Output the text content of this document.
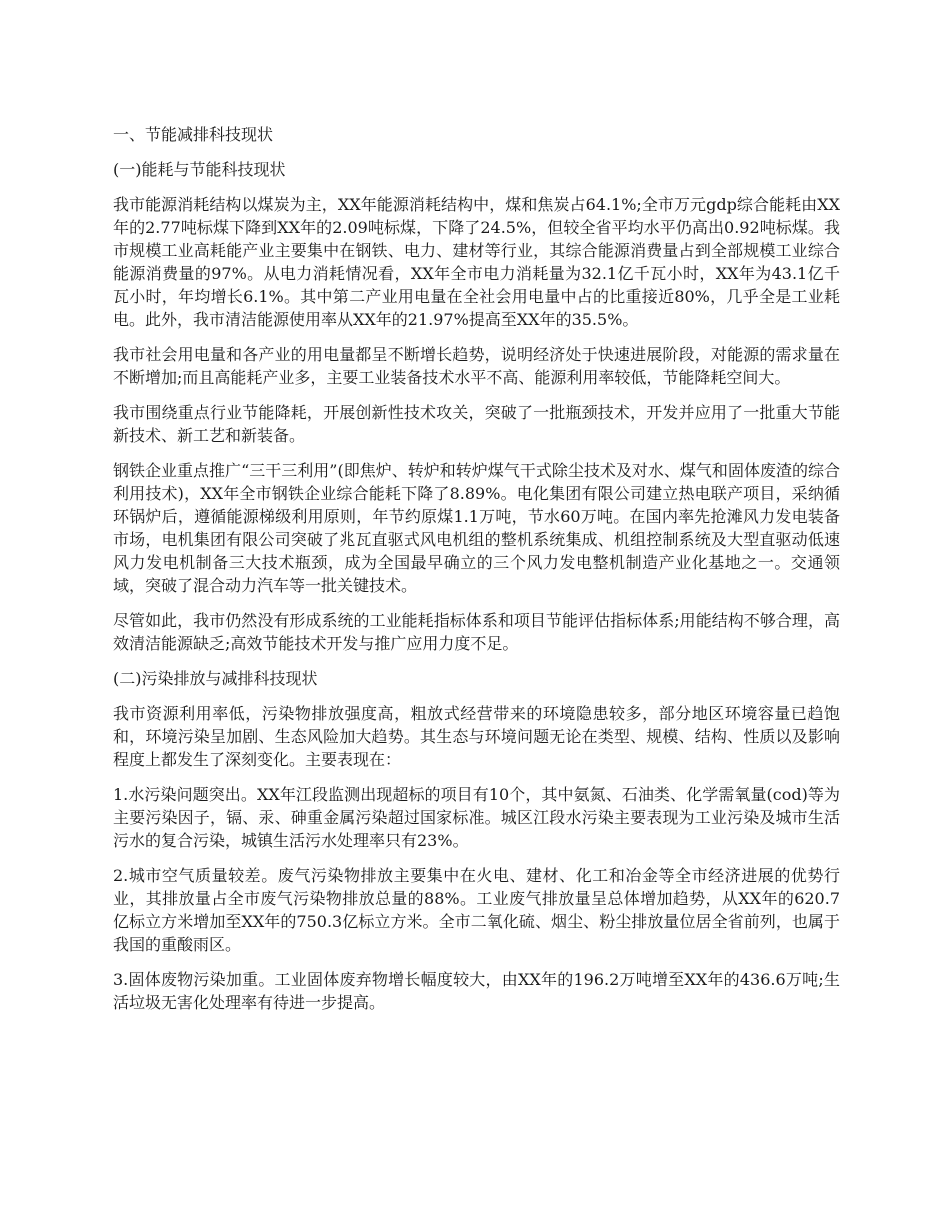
一、节能减排科技现状
(一)能耗与节能科技现状

我市能源消耗结构以煤炭为主，XX年能源消耗结构中，煤和焦炭占64.1%;全市万元gdp综合能耗由XX年的2.77吨标煤下降到XX年的2.09吨标煤，下降了24.5%，但较全省平均水平仍高出0.92吨标煤。我市规模工业高耗能产业主要集中在钢铁、电力、建材等行业，其综合能源消费量占到全部规模工业综合能源消费量的97%。从电力消耗情况看，XX年全市电力消耗量为32.1亿千瓦小时，XX年为43.1亿千瓦小时，年均增长6.1%。其中第二产业用电量在全社会用电量中占的比重接近80%，几乎全是工业耗电。此外，我市清洁能源使用率从XX年的21.97%提高至XX年的35.5%。

我市社会用电量和各产业的用电量都呈不断增长趋势，说明经济处于快速进展阶段，对能源的需求量在不断增加;而且高能耗产业多，主要工业装备技术水平不高、能源利用率较低，节能降耗空间大。

我市围绕重点行业节能降耗，开展创新性技术攻关，突破了一批瓶颈技术，开发并应用了一批重大节能新技术、新工艺和新装备。

钢铁企业重点推广“三干三利用”(即焦炉、转炉和转炉煤气干式除尘技术及对水、煤气和固体废渣的综合利用技术)，XX年全市钢铁企业综合能耗下降了8.89%。电化集团有限公司建立热电联产项目，采纳循环锅炉后，遵循能源梯级利用原则，年节约原煤1.1万吨，节水60万吨。在国内率先抢滩风力发电装备市场，电机集团有限公司突破了兆瓦直驱式风电机组的整机系统集成、机组控制系统及大型直驱动低速风力发电机制备三大技术瓶颈，成为全国最早确立的三个风力发电整机制造产业化基地之一。交通领域，突破了混合动力汽车等一批关键技术。

尽管如此，我市仍然没有形成系统的工业能耗指标体系和项目节能评估指标体系;用能结构不够合理，高效清洁能源缺乏;高效节能技术开发与推广应用力度不足。

(二)污染排放与减排科技现状

我市资源利用率低，污染物排放强度高，粗放式经营带来的环境隐患较多，部分地区环境容量已趋饱和，环境污染呈加剧、生态风险加大趋势。其生态与环境问题无论在类型、规模、结构、性质以及影响程度上都发生了深刻变化。主要表现在：

1.水污染问题突出。XX年江段监测出现超标的项目有10个，其中氨氮、石油类、化学需氧量(cod)等为主要污染因子，镉、汞、砷重金属污染超过国家标准。城区江段水污染主要表现为工业污染及城市生活污水的复合污染，城镇生活污水处理率只有23%。

2.城市空气质量较差。废气污染物排放主要集中在火电、建材、化工和冶金等全市经济进展的优势行业，其排放量占全市废气污染物排放总量的88%。工业废气排放量呈总体增加趋势，从XX年的620.7亿标立方米增加至XX年的750.3亿标立方米。全市二氧化硫、烟尘、粉尘排放量位居全省前列，也属于我国的重酸雨区。

3.固体废物污染加重。工业固体废弃物增长幅度较大，由XX年的196.2万吨增至XX年的436.6万吨;生活垃圾无害化处理率有待进一步提高。
